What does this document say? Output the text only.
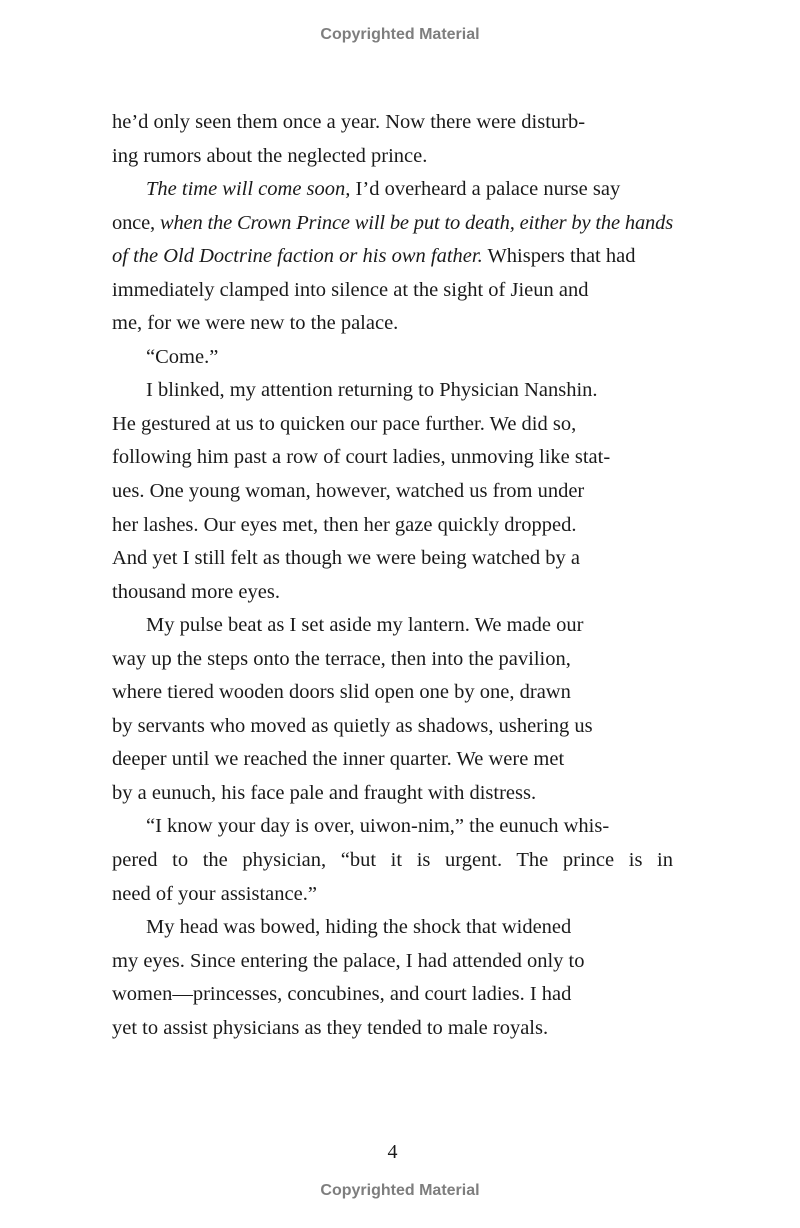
Copyrighted Material
he’d only seen them once a year. Now there were disturb-
ing rumors about the neglected prince.
The time will come soon, I’d overheard a palace nurse say
once, when the Crown Prince will be put to death, either by the hands
of the Old Doctrine faction or his own father. Whispers that had
immediately clamped into silence at the sight of Jieun and
me, for we were new to the palace.
“Come.”
I blinked, my attention returning to Physician Nanshin.
He gestured at us to quicken our pace further. We did so,
following him past a row of court ladies, unmoving like stat-
ues. One young woman, however, watched us from under
her lashes. Our eyes met, then her gaze quickly dropped.
And yet I still felt as though we were being watched by a
thousand more eyes.
My pulse beat as I set aside my lantern. We made our
way up the steps onto the terrace, then into the pavilion,
where tiered wooden doors slid open one by one, drawn
by servants who moved as quietly as shadows, ushering us
deeper until we reached the inner quarter. We were met
by a eunuch, his face pale and fraught with distress.
“I know your day is over, uiwon-nim,” the eunuch whis-
pered to the physician, “but it is urgent. The prince is in
need of your assistance.”
My head was bowed, hiding the shock that widened
my eyes. Since entering the palace, I had attended only to
women—princesses, concubines, and court ladies. I had
yet to assist physicians as they tended to male royals.
4
Copyrighted Material
